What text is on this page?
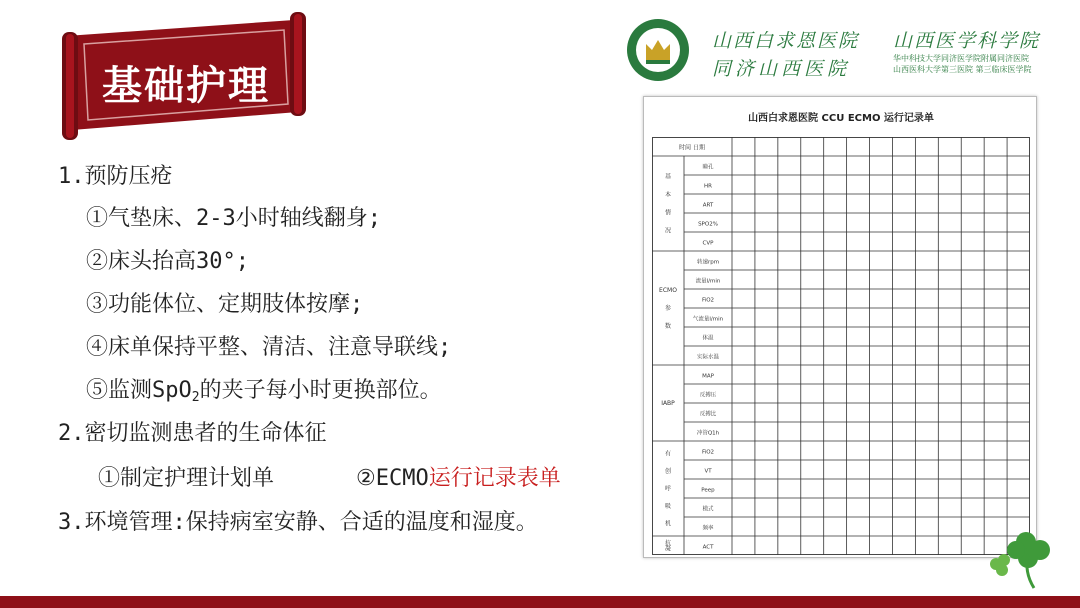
基础护理
山西白求恩医院
同济山西医院
山西医学科学院
华中科技大学同济医学院附属同济医院
山西医科大学第三医院 第三临床医学院
1.预防压疮
①气垫床、2-3小时轴线翻身;
②床头抬高30°;
③功能体位、定期肢体按摩;
④床单保持平整、清洁、注意导联线;
⑤监测SpO$_2$的夹子每小时更换部位。
2.密切监测患者的生命体征
①制定护理计划单	②ECMO运行记录表单
3.环境管理:保持病室安静、合适的温度和湿度。
山西白求恩医院 CCU ECMO 运行记录单
时间 日期
瞳孔
HR
ART
SPO2%
CVP
基
本
情
况
转速rpm
流量l/min
FiO2
气流量l/min
体温
实际水温
ECMO
参
数
MAP
反搏压
反搏比
冲管Q1h
IABP
FiO2
VT
Peep
模式
频率
有
创
呼
吸
机
ACT
抗
凝
